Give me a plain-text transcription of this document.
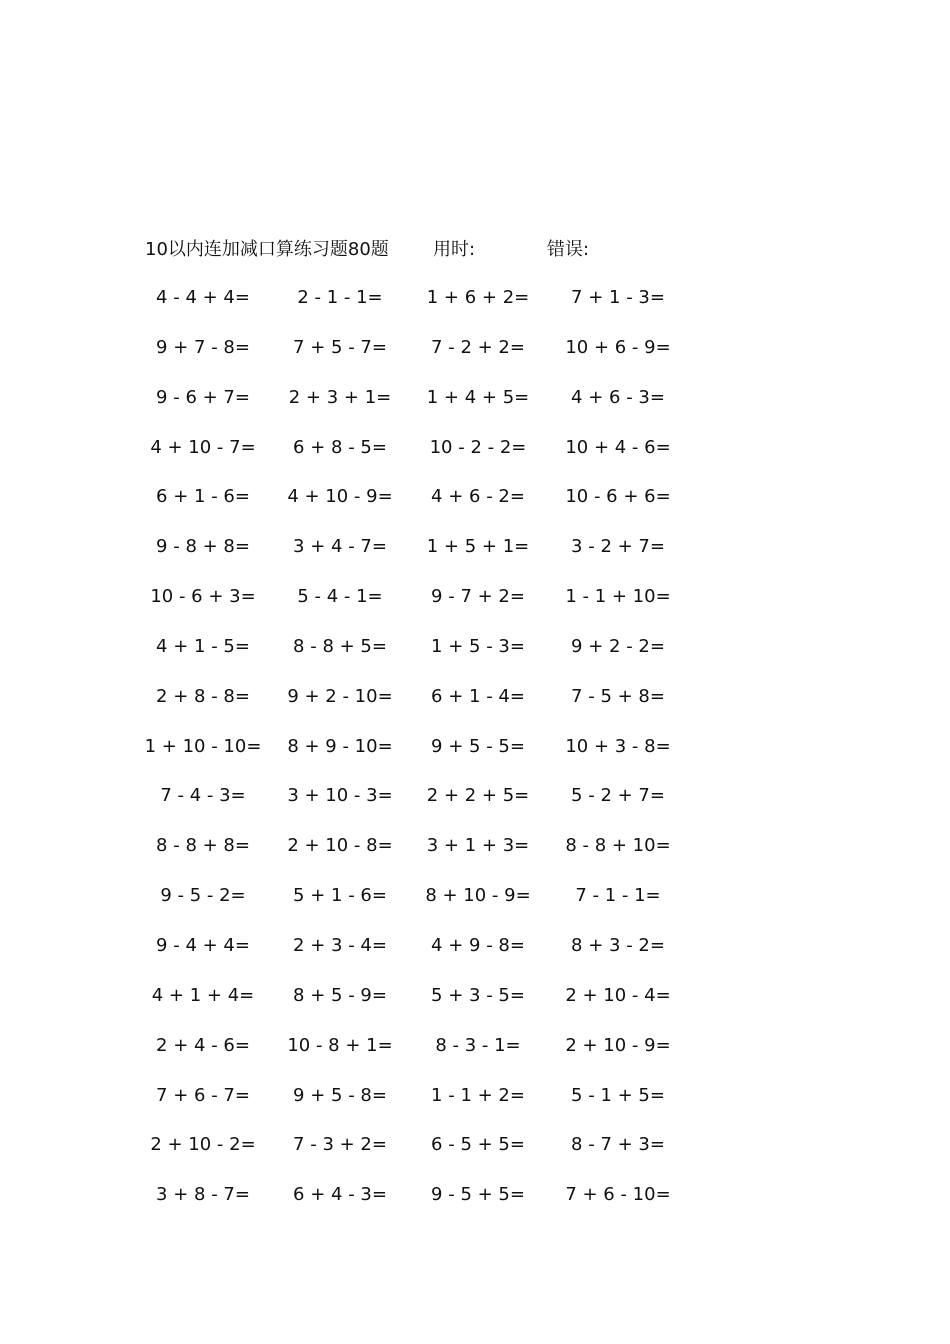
10以内连加减口算练习题80题 用时:	错误:
4 - 4 + 4=	2 - 1 - 1=	1 + 6 + 2=	7 + 1 - 3=
9 + 7 - 8=	7 + 5 - 7=	7 - 2 + 2=	10 + 6 - 9=
9 - 6 + 7=	2 + 3 + 1=	1 + 4 + 5=	4 + 6 - 3=
4 + 10 - 7=	6 + 8 - 5=	10 - 2 - 2=	10 + 4 - 6=
6 + 1 - 6=	4 + 10 - 9=	4 + 6 - 2=	10 - 6 + 6=
9 - 8 + 8=	3 + 4 - 7=	1 + 5 + 1=	3 - 2 + 7=
10 - 6 + 3=	5 - 4 - 1=	9 - 7 + 2=	1 - 1 + 10=
4 + 1 - 5=	8 - 8 + 5=	1 + 5 - 3=	9 + 2 - 2=
2 + 8 - 8=	9 + 2 - 10=	6 + 1 - 4=	7 - 5 + 8=
1 + 10 - 10=	8 + 9 - 10=	9 + 5 - 5=	10 + 3 - 8=
7 - 4 - 3=	3 + 10 - 3=	2 + 2 + 5=	5 - 2 + 7=
8 - 8 + 8=	2 + 10 - 8=	3 + 1 + 3=	8 - 8 + 10=
9 - 5 - 2=	5 + 1 - 6=	8 + 10 - 9=	7 - 1 - 1=
9 - 4 + 4=	2 + 3 - 4=	4 + 9 - 8=	8 + 3 - 2=
4 + 1 + 4=	8 + 5 - 9=	5 + 3 - 5=	2 + 10 - 4=
2 + 4 - 6=	10 - 8 + 1=	8 - 3 - 1=	2 + 10 - 9=
7 + 6 - 7=	9 + 5 - 8=	1 - 1 + 2=	5 - 1 + 5=
2 + 10 - 2=	7 - 3 + 2=	6 - 5 + 5=	8 - 7 + 3=
3 + 8 - 7=	6 + 4 - 3=	9 - 5 + 5=	7 + 6 - 10=
